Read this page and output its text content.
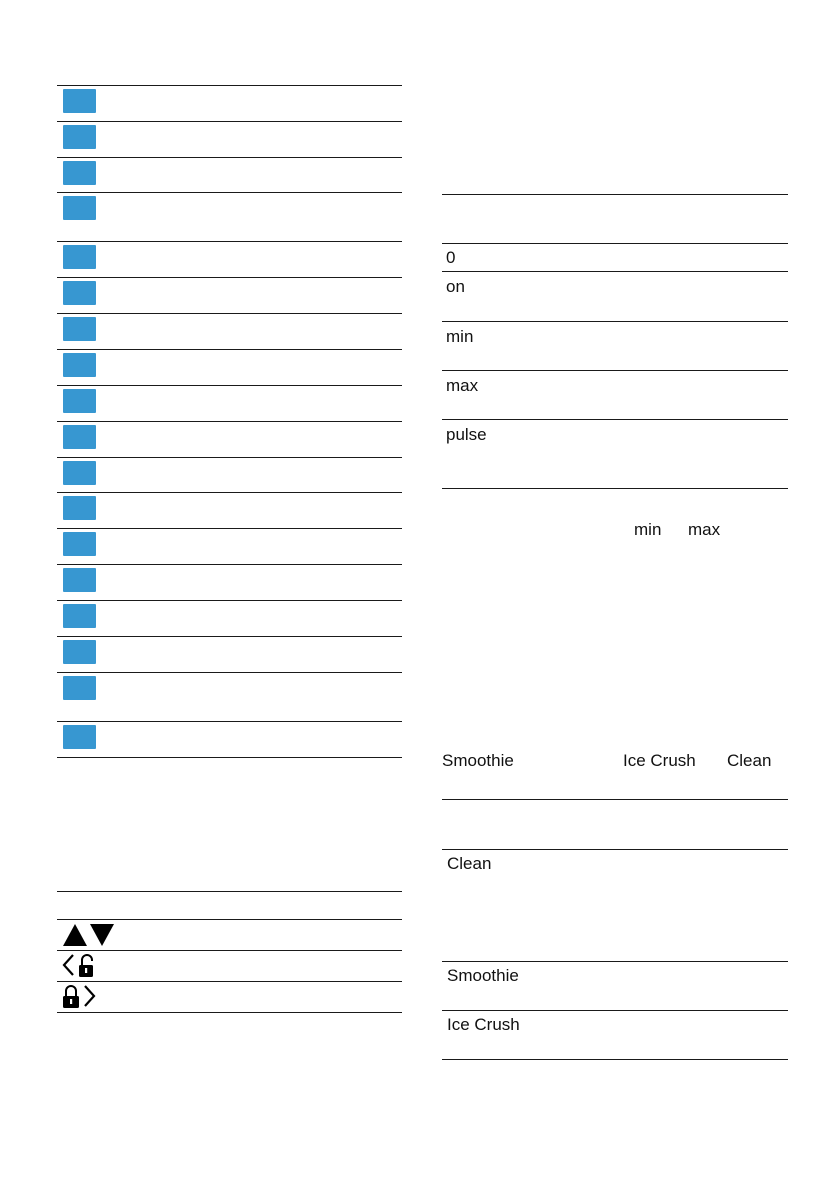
0
on
min
max
pulse
min max
Smoothie	Ice Crush Clean
Clean
Smoothie
Ice Crush
